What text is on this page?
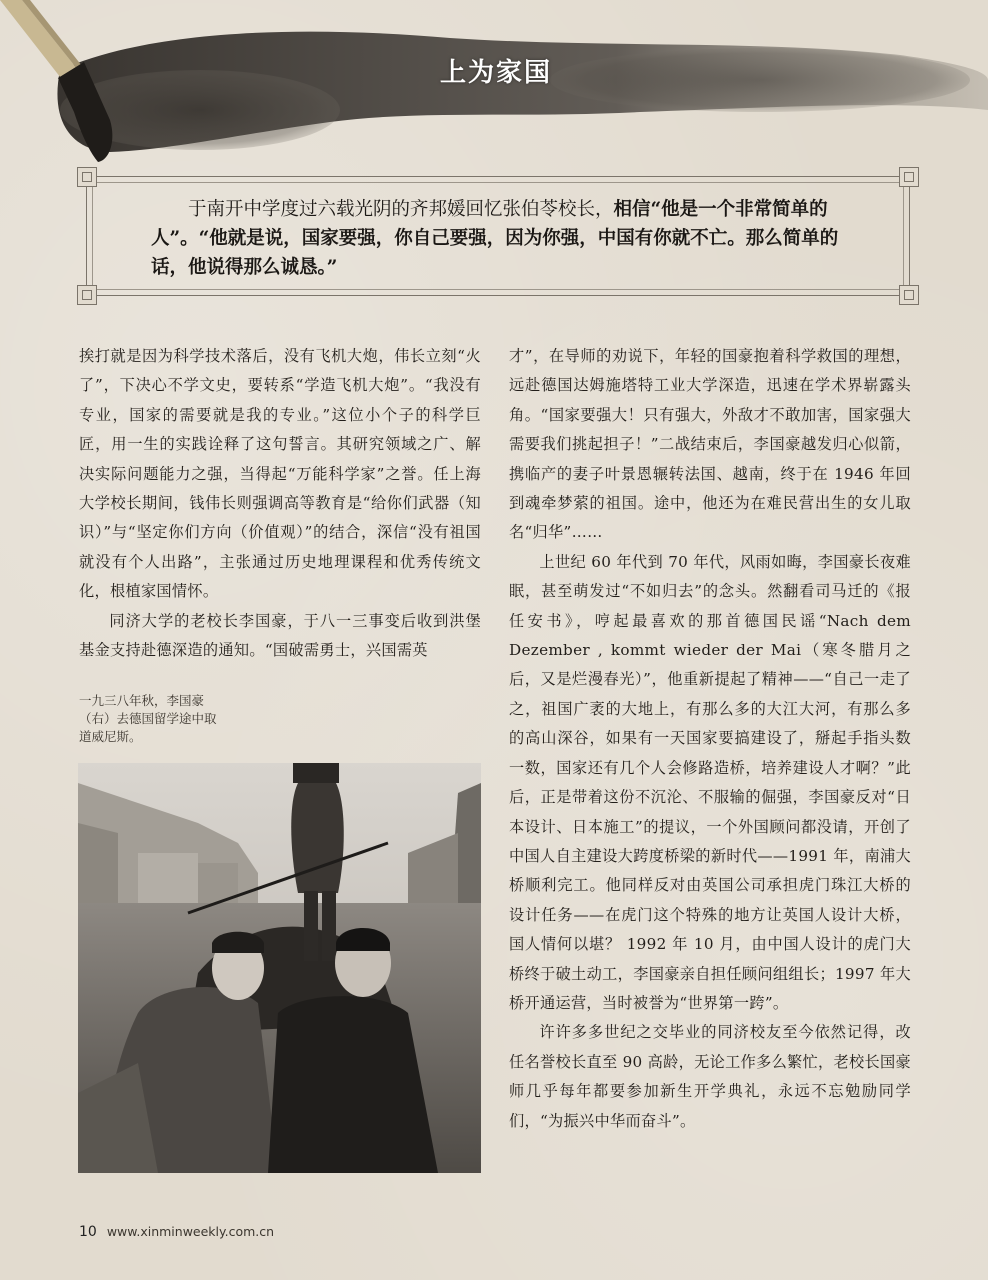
上为家国
于南开中学度过六载光阴的齐邦媛回忆张伯苓校长，相信“他是一个非常简单的人”。“他就是说，国家要强，你自己要强，因为你强，中国有你就不亡。那么简单的话，他说得那么诚恳。”

挨打就是因为科学技术落后，没有飞机大炮，伟长立刻“火了”，下决心不学文史，要转系“学造飞机大炮”。“我没有专业，国家的需要就是我的专业。”这位小个子的科学巨匠，用一生的实践诠释了这句誓言。其研究领域之广、解决实际问题能力之强，当得起“万能科学家”之誉。任上海大学校长期间，钱伟长则强调高等教育是“给你们武器（知识）”与“坚定你们方向（价值观）”的结合，深信“没有祖国就没有个人出路”，主张通过历史地理课程和优秀传统文化，根植家国情怀。

同济大学的老校长李国豪，于八一三事变后收到洪堡基金支持赴德深造的通知。“国破需勇士，兴国需英

一九三八年秋，李国豪（右）去德国留学途中取道威尼斯。

才”，在导师的劝说下，年轻的国豪抱着科学救国的理想，远赴德国达姆施塔特工业大学深造，迅速在学术界崭露头角。“国家要强大！只有强大，外敌才不敢加害，国家强大需要我们挑起担子！”二战结束后，李国豪越发归心似箭，携临产的妻子叶景恩辗转法国、越南，终于在 1946 年回到魂牵梦萦的祖国。途中，他还为在难民营出生的女儿取名“归华”……

上世纪 60 年代到 70 年代，风雨如晦，李国豪长夜难眠，甚至萌发过“不如归去”的念头。然翻看司马迁的《报任安书》，哼起最喜欢的那首德国民谣“Nach dem Dezember , kommt wieder der Mai（寒冬腊月之后，又是烂漫春光）”，他重新提起了精神——“自己一走了之，祖国广袤的大地上，有那么多的大江大河，有那么多的高山深谷，如果有一天国家要搞建设了，掰起手指头数一数，国家还有几个人会修路造桥，培养建设人才啊？”此后，正是带着这份不沉沦、不服输的倔强，李国豪反对“日本设计、日本施工”的提议，一个外国顾问都没请，开创了中国人自主建设大跨度桥梁的新时代——1991 年，南浦大桥顺利完工。他同样反对由英国公司承担虎门珠江大桥的设计任务——在虎门这个特殊的地方让英国人设计大桥，国人情何以堪？ 1992 年 10 月，由中国人设计的虎门大桥终于破土动工，李国豪亲自担任顾问组组长；1997 年大桥开通运营，当时被誉为“世界第一跨”。

许许多多世纪之交毕业的同济校友至今依然记得，改任名誉校长直至 90 高龄，无论工作多么繁忙，老校长国豪师几乎每年都要参加新生开学典礼，永远不忘勉励同学们，“为振兴中华而奋斗”。

10 www.xinminweekly.com.cn
